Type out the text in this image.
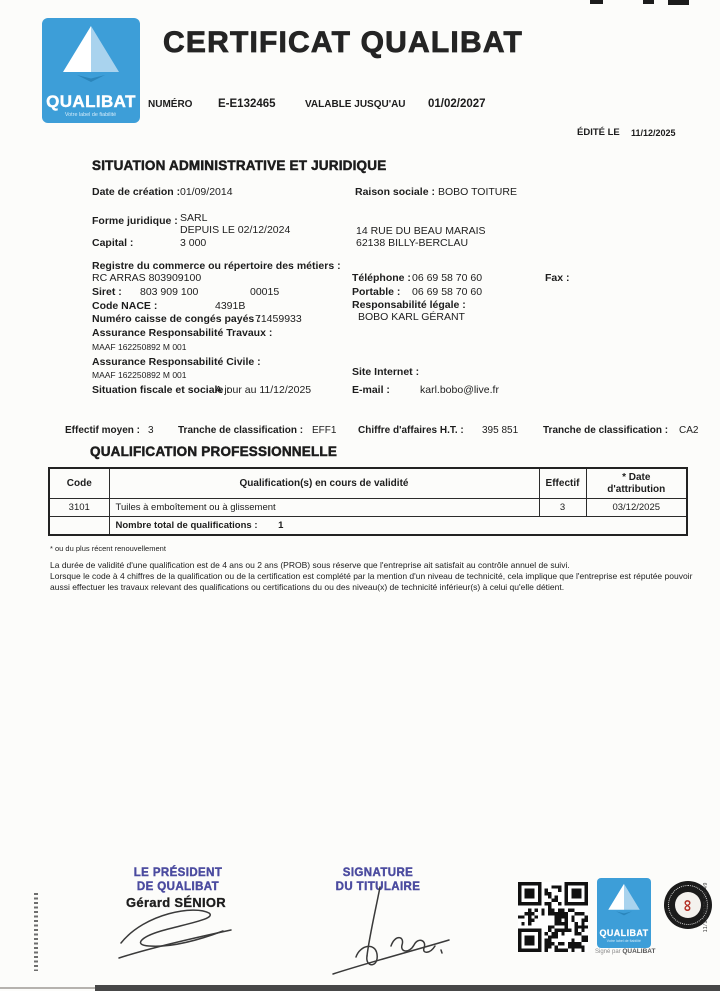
QUALIBAT
Votre label de fiabilité
CERTIFICAT QUALIBAT
NUMÉRO E-E132465	VALABLE JUSQU'AU 01/02/2027
ÉDITÉ LE 11/12/2025
SITUATION ADMINISTRATIVE ET JURIDIQUE
Date de création : 01/09/2014	Raison sociale : BOBO TOITURE
Forme juridique : SARL
DEPUIS LE 02/12/2024
Capital :	3 000
14 RUE DU BEAU MARAIS
62138 BILLY-BERCLAU
Registre du commerce ou répertoire des métiers :
RC ARRAS 803909100
Siret : 803 909 100	00015
Code NACE :	4391B
Numéro caisse de congés payés :
71459933
Assurance Responsabilité Travaux :
MAAF 162250892 M 001
Téléphone : 06 69 58 70 60	Fax :
Portable : 06 69 58 70 60
Responsabilité légale :
BOBO KARL GÉRANT
Assurance Responsabilité Civile :
MAAF 162250892 M 001	Site Internet :
Situation fiscale et sociale :
A jour au 11/12/2025	E-mail :	karl.bobo@live.fr
Effectif moyen : 3 Tranche de classification : EFF1 Chiffre d'affaires H.T. : 395 851 Tranche de classification : CA2
QUALIFICATION PROFESSIONNELLE
Code	Qualification(s) en cours de validité	Effectif	* Date d'attribution
3101	Tuiles à emboîtement ou à glissement	3	03/12/2025
	Nombre total de qualifications : 1		
* ou du plus récent renouvellement
La durée de validité d'une qualification est de 4 ans ou 2 ans (PROB) sous réserve que l'entreprise ait satisfait au contrôle annuel de suivi.
Lorsque le code à 4 chiffres de la qualification ou de la certification est complété par la mention d'un niveau de technicité, cela implique que l'entreprise est réputée pouvoir
aussi effectuer les travaux relevant des qualifications ou certifications du ou des niveau(x) de technicité inférieur(s) à celui qu'elle détient.
LE PRÉSIDENT
DE QUALIBAT
Gérard SÉNIOR
SIGNATURE
DU TITULAIRE
QUALIBAT
Votre label de fiabilité
Signé par QUALIBAT
∞ 11/12/2025 09:49
